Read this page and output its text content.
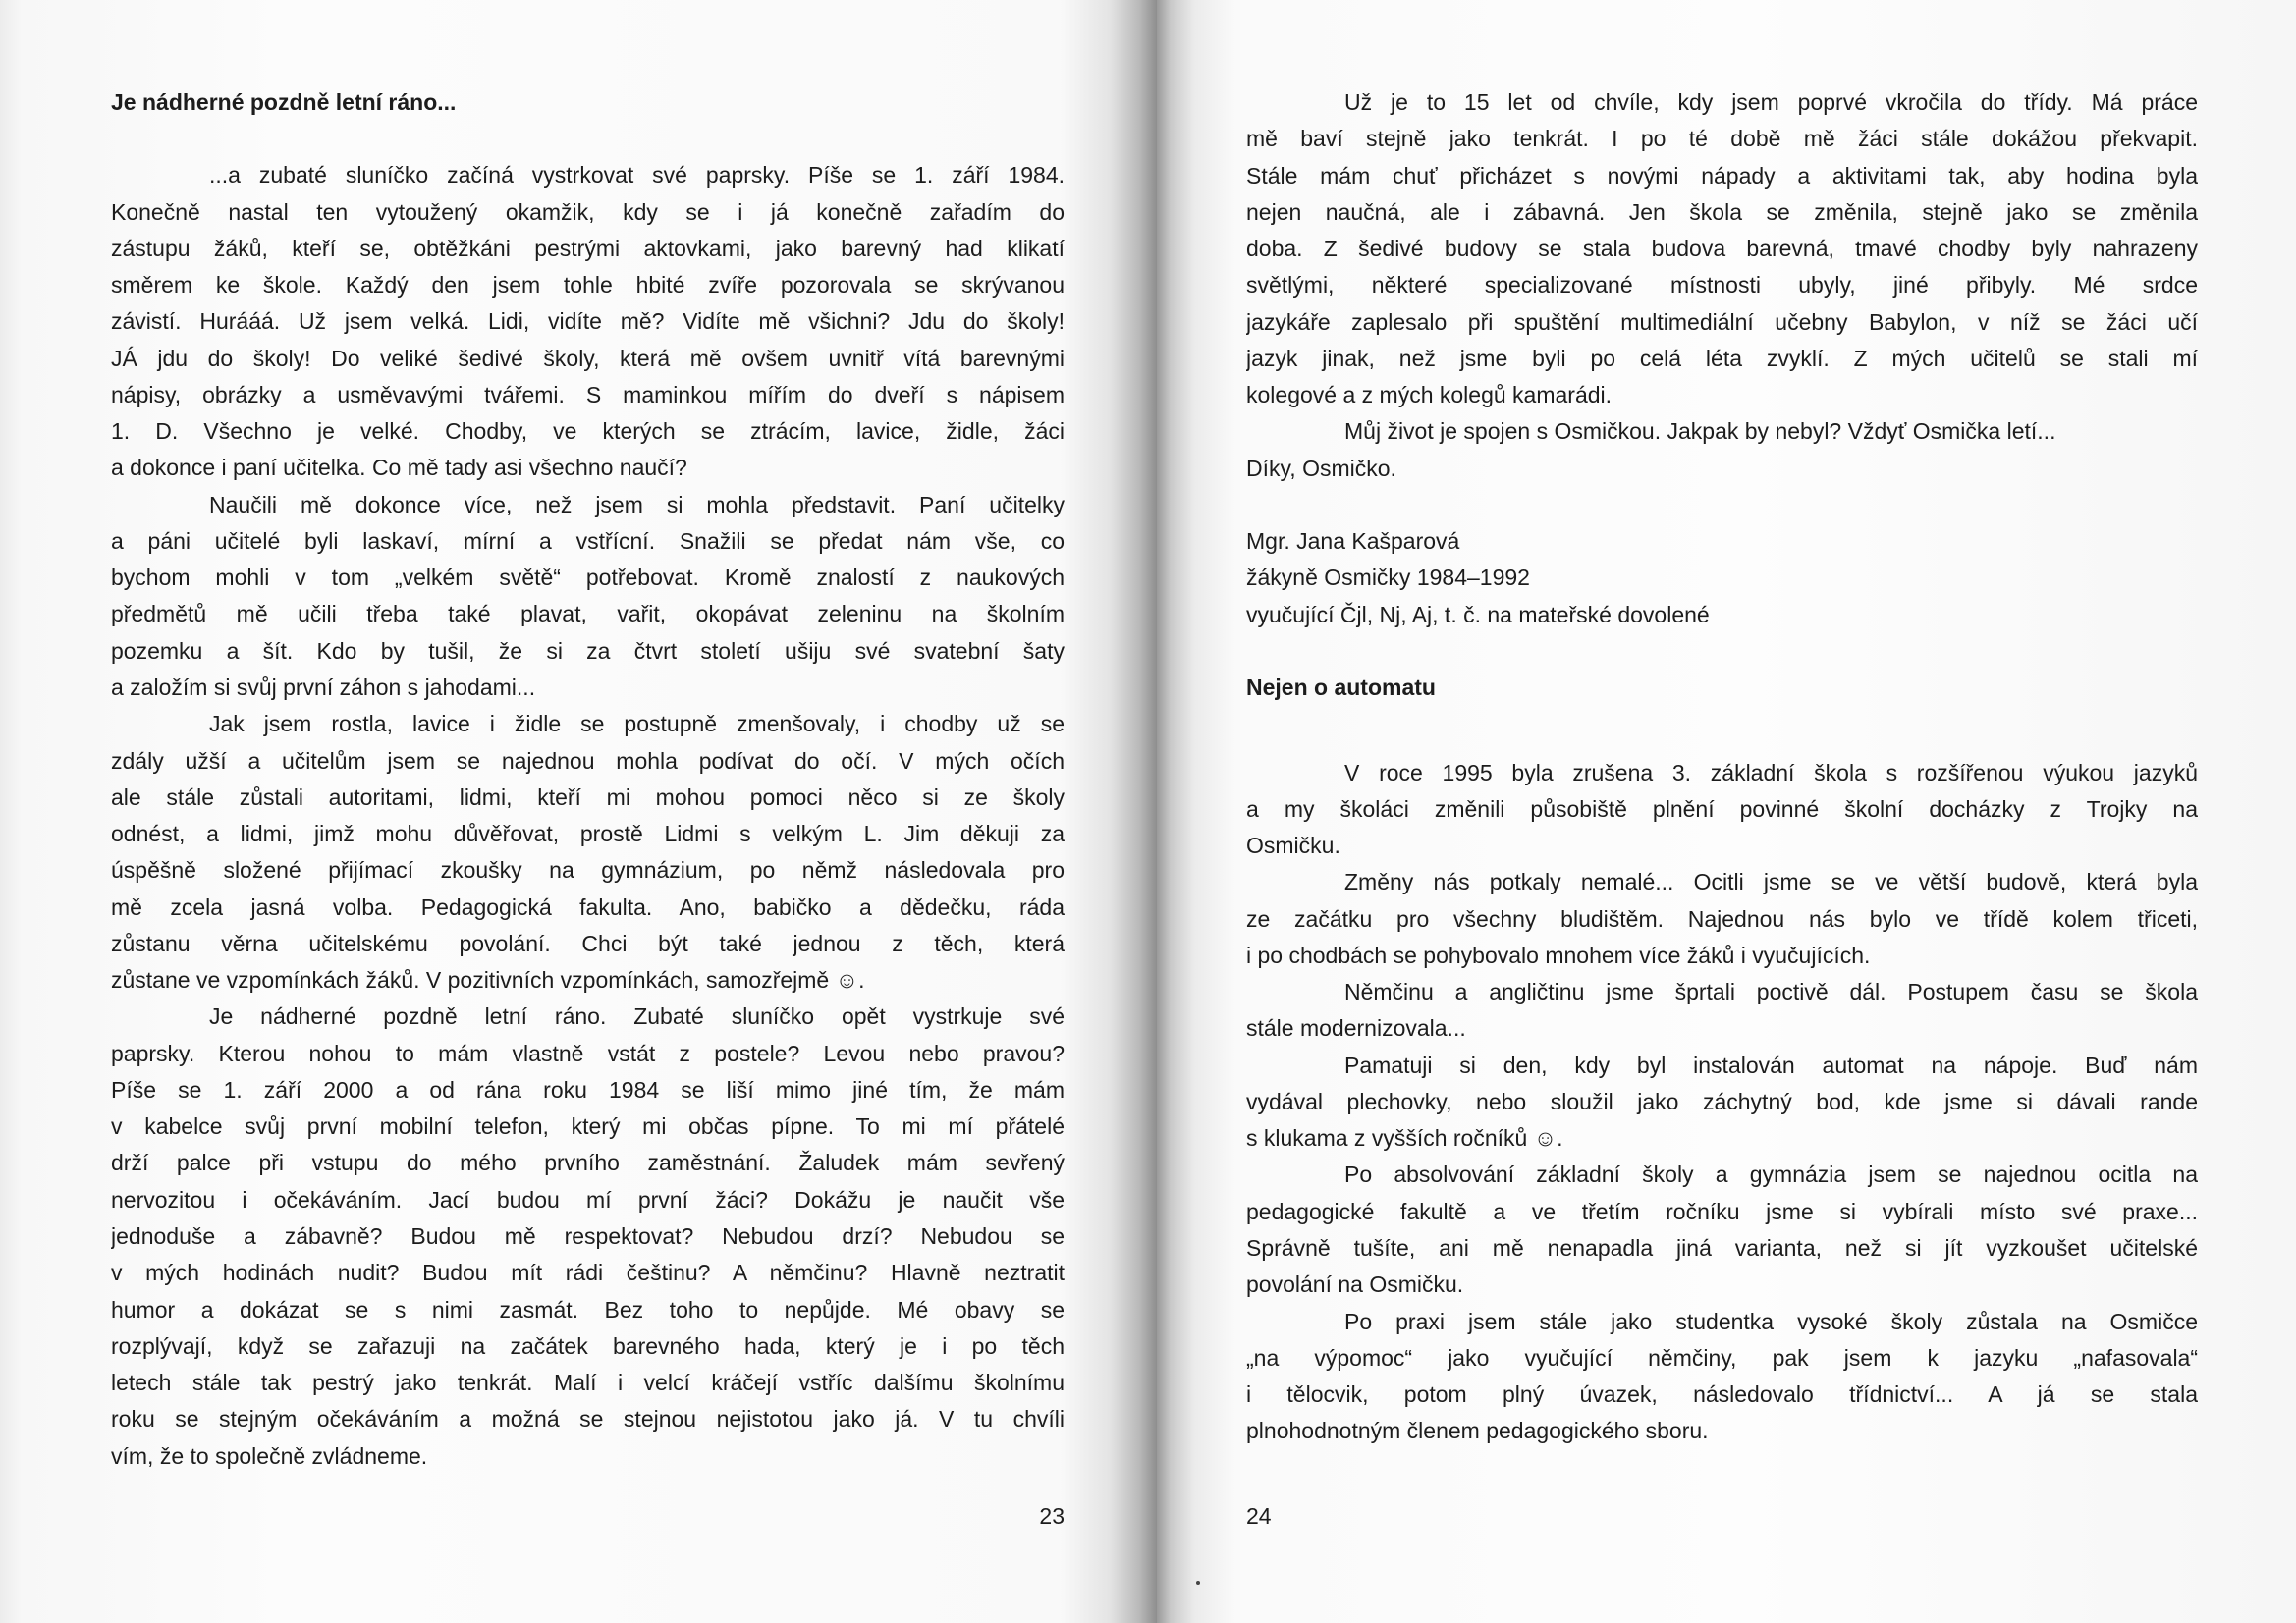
Je nádherné pozdně letní ráno...
...a zubaté sluníčko začíná vystrkovat své paprsky. Píše se 1. září 1984.
Konečně nastal ten vytoužený okamžik, kdy se i já konečně zařadím do
zástupu žáků, kteří se, obtěžkáni pestrými aktovkami, jako barevný had klikatí
směrem ke škole. Každý den jsem tohle hbité zvíře pozorovala se skrývanou
závistí. Hurááá. Už jsem velká. Lidi, vidíte mě? Vidíte mě všichni? Jdu do školy!
JÁ jdu do školy! Do veliké šedivé školy, která mě ovšem uvnitř vítá barevnými
nápisy, obrázky a usměvavými tvářemi. S maminkou mířím do dveří s nápisem
1. D. Všechno je velké. Chodby, ve kterých se ztrácím, lavice, židle, žáci
a dokonce i paní učitelka. Co mě tady asi všechno naučí?
Naučili mě dokonce více, než jsem si mohla představit. Paní učitelky
a páni učitelé byli laskaví, mírní a vstřícní. Snažili se předat nám vše, co
bychom mohli v tom „velkém světě“ potřebovat. Kromě znalostí z naukových
předmětů mě učili třeba také plavat, vařit, okopávat zeleninu na školním
pozemku a šít. Kdo by tušil, že si za čtvrt století ušiju své svatební šaty
a založím si svůj první záhon s jahodami...
Jak jsem rostla, lavice i židle se postupně zmenšovaly, i chodby už se
zdály užší a učitelům jsem se najednou mohla podívat do očí. V mých očích
ale stále zůstali autoritami, lidmi, kteří mi mohou pomoci něco si ze školy
odnést, a lidmi, jimž mohu důvěřovat, prostě Lidmi s velkým L. Jim děkuji za
úspěšně složené přijímací zkoušky na gymnázium, po němž následovala pro
mě zcela jasná volba. Pedagogická fakulta. Ano, babičko a dědečku, ráda
zůstanu věrna učitelskému povolání. Chci být také jednou z těch, která
zůstane ve vzpomínkách žáků. V pozitivních vzpomínkách, samozřejmě ☺.
Je nádherné pozdně letní ráno. Zubaté sluníčko opět vystrkuje své
paprsky. Kterou nohou to mám vlastně vstát z postele? Levou nebo pravou?
Píše se 1. září 2000 a od rána roku 1984 se liší mimo jiné tím, že mám
v kabelce svůj první mobilní telefon, který mi občas pípne. To mi mí přátelé
drží palce při vstupu do mého prvního zaměstnání. Žaludek mám sevřený
nervozitou i očekáváním. Jací budou mí první žáci? Dokážu je naučit vše
jednoduše a zábavně? Budou mě respektovat? Nebudou drzí? Nebudou se
v mých hodinách nudit? Budou mít rádi češtinu? A němčinu? Hlavně neztratit
humor a dokázat se s nimi zasmát. Bez toho to nepůjde. Mé obavy se
rozplývají, když se zařazuji na začátek barevného hada, který je i po těch
letech stále tak pestrý jako tenkrát. Malí i velcí kráčejí vstříc dalšímu školnímu
roku se stejným očekáváním a možná se stejnou nejistotou jako já. V tu chvíli
vím, že to společně zvládneme.
23
Už je to 15 let od chvíle, kdy jsem poprvé vkročila do třídy. Má práce
mě baví stejně jako tenkrát. I po té době mě žáci stále dokážou překvapit.
Stále mám chuť přicházet s novými nápady a aktivitami tak, aby hodina byla
nejen naučná, ale i zábavná. Jen škola se změnila, stejně jako se změnila
doba. Z šedivé budovy se stala budova barevná, tmavé chodby byly nahrazeny
světlými, některé specializované místnosti ubyly, jiné přibyly. Mé srdce
jazykáře zaplesalo při spuštění multimediální učebny Babylon, v níž se žáci učí
jazyk jinak, než jsme byli po celá léta zvyklí. Z mých učitelů se stali mí
kolegové a z mých kolegů kamarádi.
Můj život je spojen s Osmičkou. Jakpak by nebyl? Vždyť Osmička letí...
Díky, Osmičko.
Mgr. Jana Kašparová
žákyně Osmičky 1984–1992
vyučující Čjl, Nj, Aj, t. č. na mateřské dovolené
Nejen o automatu
V roce 1995 byla zrušena 3. základní škola s rozšířenou výukou jazyků
a my školáci změnili působiště plnění povinné školní docházky z Trojky na
Osmičku.
Změny nás potkaly nemalé... Ocitli jsme se ve větší budově, která byla
ze začátku pro všechny bludištěm. Najednou nás bylo ve třídě kolem třiceti,
i po chodbách se pohybovalo mnohem více žáků i vyučujících.
Němčinu a angličtinu jsme šprtali poctivě dál. Postupem času se škola
stále modernizovala...
Pamatuji si den, kdy byl instalován automat na nápoje. Buď nám
vydával plechovky, nebo sloužil jako záchytný bod, kde jsme si dávali rande
s klukama z vyšších ročníků ☺.
Po absolvování základní školy a gymnázia jsem se najednou ocitla na
pedagogické fakultě a ve třetím ročníku jsme si vybírali místo své praxe...
Správně tušíte, ani mě nenapadla jiná varianta, než si jít vyzkoušet učitelské
povolání na Osmičku.
Po praxi jsem stále jako studentka vysoké školy zůstala na Osmičce
„na výpomoc“ jako vyučující němčiny, pak jsem k jazyku „nafasovala“
i tělocvik, potom plný úvazek, následovalo třídnictví... A já se stala
plnohodnotným členem pedagogického sboru.
24
